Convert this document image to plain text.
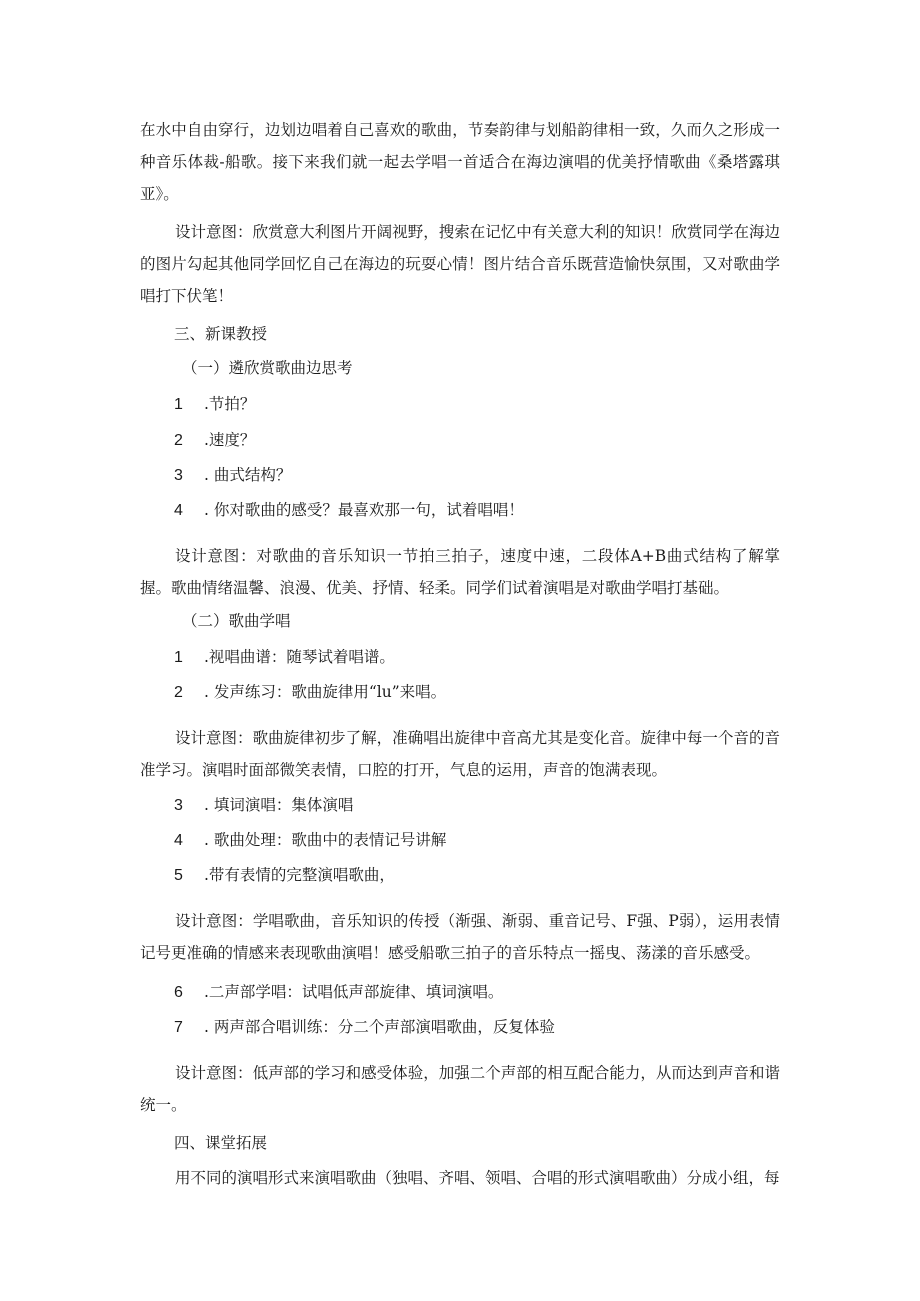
在水中自由穿行，边划边唱着自己喜欢的歌曲，节奏韵律与划船韵律相一致，久而久之形成一种音乐体裁-船歌。接下来我们就一起去学唱一首适合在海边演唱的优美抒情歌曲《桑塔露琪亚》。
设计意图：欣赏意大利图片开阔视野，搜索在记忆中有关意大利的知识！欣赏同学在海边的图片勾起其他同学回忆自己在海边的玩耍心情！图片结合音乐既营造愉快氛围，又对歌曲学唱打下伏笔！
三、新课教授
（一）遴欣赏歌曲边思考
1 .节拍？
2 .速度？
3 . 曲式结构？
4 . 你对歌曲的感受？最喜欢那一句，试着唱唱！
设计意图：对歌曲的音乐知识一节拍三拍子，速度中速，二段体A+B曲式结构了解掌握。歌曲情绪温馨、浪漫、优美、抒情、轻柔。同学们试着演唱是对歌曲学唱打基础。
（二）歌曲学唱
1 .视唱曲谱：随琴试着唱谱。
2 . 发声练习：歌曲旋律用“lu”来唱。
设计意图：歌曲旋律初步了解，准确唱出旋律中音高尤其是变化音。旋律中每一个音的音准学习。演唱时面部微笑表情，口腔的打开，气息的运用，声音的饱满表现。
3 . 填词演唱：集体演唱
4 . 歌曲处理：歌曲中的表情记号讲解
5 .带有表情的完整演唱歌曲，
设计意图：学唱歌曲，音乐知识的传授（渐强、渐弱、重音记号、F强、P弱），运用表情记号更准确的情感来表现歌曲演唱！感受船歌三拍子的音乐特点一摇曳、荡漾的音乐感受。
6 .二声部学唱：试唱低声部旋律、填词演唱。
7 . 两声部合唱训练：分二个声部演唱歌曲，反复体验
设计意图：低声部的学习和感受体验，加强二个声部的相互配合能力，从而达到声音和谐统一。
四、课堂拓展
用不同的演唱形式来演唱歌曲（独唱、齐唱、领唱、合唱的形式演唱歌曲）分成小组，每
